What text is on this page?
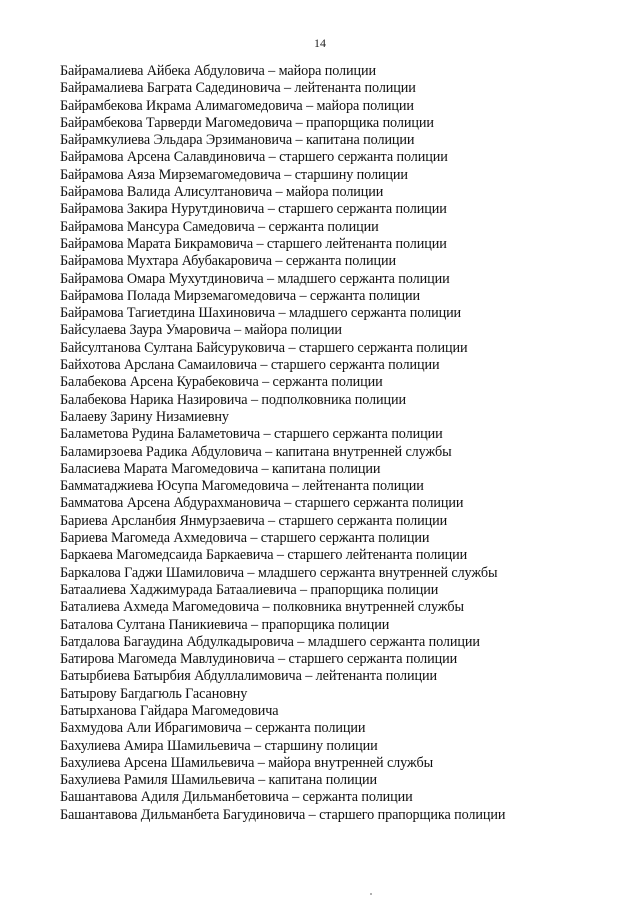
14
Байрамалиева Айбека Абдуловича – майора полиции
Байрамалиева Баграта Садединовича – лейтенанта полиции
Байрамбекова Икрама Алимагомедовича – майора полиции
Байрамбекова Тарверди Магомедовича – прапорщика полиции
Байрамкулиева Эльдара Эрзимановича – капитана полиции
Байрамова Арсена Салавдиновича – старшего сержанта полиции
Байрамова Аяза Мирземагомедовича – старшину полиции
Байрамова Валида Алисултановича – майора полиции
Байрамова Закира Нурутдиновича – старшего сержанта полиции
Байрамова Мансура Самедовича – сержанта полиции
Байрамова Марата Бикрамовича – старшего лейтенанта полиции
Байрамова Мухтара Абубакаровича – сержанта полиции
Байрамова Омара Мухутдиновича – младшего сержанта полиции
Байрамова Полада Мирземагомедовича – сержанта полиции
Байрамова Тагиетдина Шахиновича – младшего сержанта полиции
Байсулаева Заура Умаровича – майора полиции
Байсултанова Султана Байсуруковича – старшего сержанта полиции
Байхотова Арслана Самаиловича – старшего сержанта полиции
Балабекова Арсена Курабековича – сержанта полиции
Балабекова Нарика Назировича – подполковника полиции
Балаеву Зарину Низамиевну
Баламетова Рудина Баламетовича – старшего сержанта полиции
Баламирзоева Радика Абдуловича – капитана внутренней службы
Баласиева Марата Магомедовича – капитана полиции
Бамматаджиева Юсупа Магомедовича – лейтенанта полиции
Бамматова Арсена Абдурахмановича – старшего сержанта полиции
Бариева Арсланбия Янмурзаевича – старшего сержанта полиции
Бариева Магомеда Ахмедовича – старшего сержанта полиции
Баркаева Магомедсаида Баркаевича – старшего лейтенанта полиции
Баркалова Гаджи Шамиловича – младшего сержанта внутренней службы
Батаалиева Хаджимурада Батаалиевича – прапорщика полиции
Баталиева Ахмеда Магомедовича – полковника внутренней службы
Баталова Султана Паникиевича – прапорщика полиции
Батдалова Багаудина Абдулкадыровича – младшего сержанта полиции
Батирова Магомеда Мавлудиновича – старшего сержанта полиции
Батырбиева Батырбия Абдуллалимовича – лейтенанта полиции
Батырову Багдагюль Гасановну
Батырханова Гайдара Магомедовича
Бахмудова Али Ибрагимовича – сержанта полиции
Бахулиева Амира Шамильевича – старшину полиции
Бахулиева Арсена Шамильевича – майора внутренней службы
Бахулиева Рамиля Шамильевича – капитана полиции
Башантавова Адиля Дильманбетовича – сержанта полиции
Башантавова Дильманбета Багудиновича – старшего прапорщика полиции
